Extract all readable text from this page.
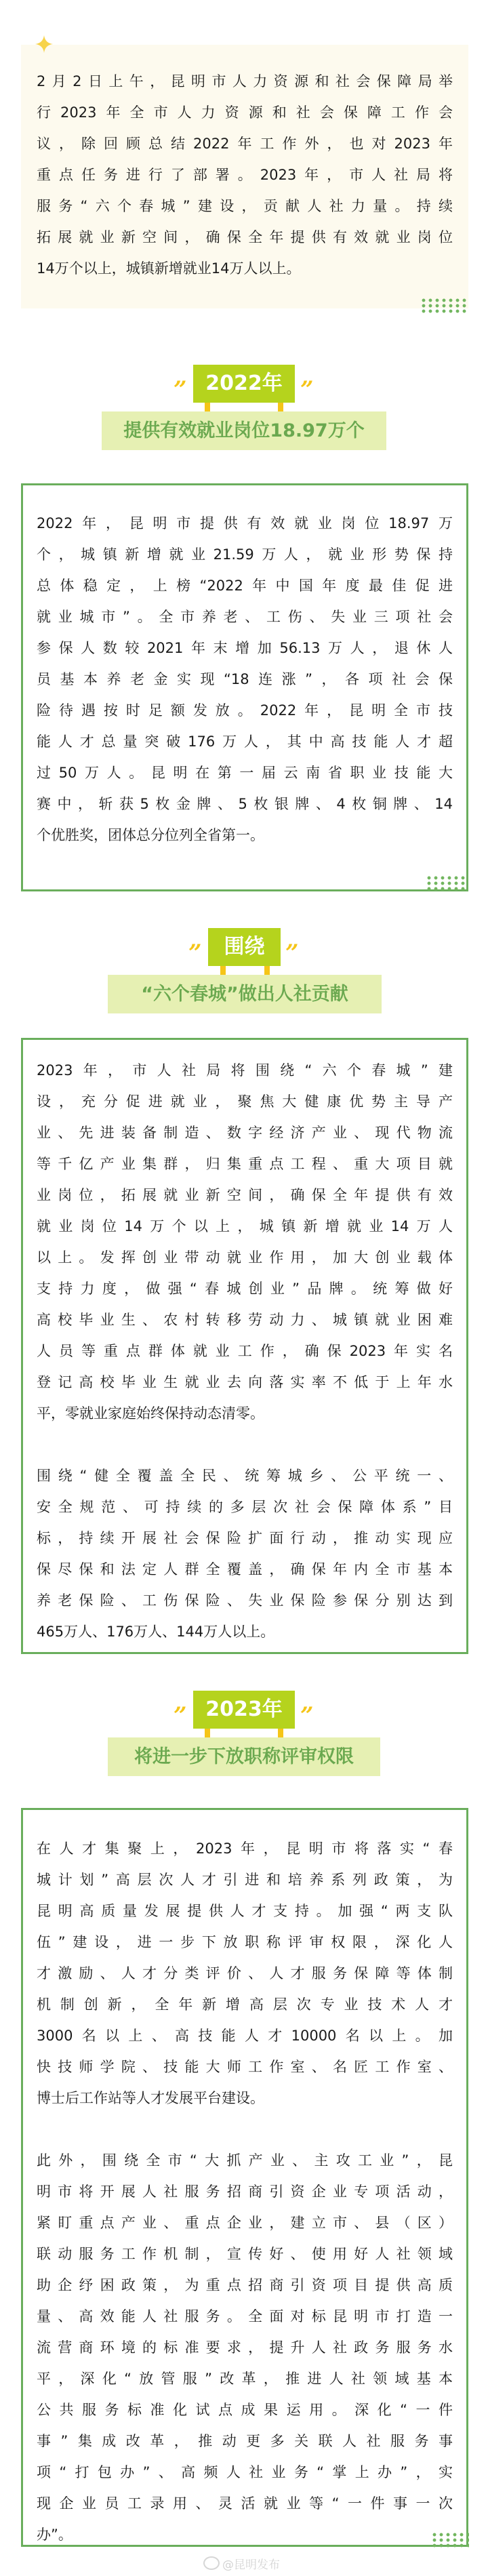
2月2日上午，昆明市人力资源和社会保障局举
行2023年全市人力资源和社会保障工作会
议，除回顾总结2022年工作外，也对2023年
重点任务进行了部署。2023年，市人社局将
服务“六个春城”建设，贡献人社力量。持续
拓展就业新空间，确保全年提供有效就业岗位
14万个以上，城镇新增就业14万人以上。
” 2022年 ”
提供有效就业岗位18.97万个
2022年，昆明市提供有效就业岗位18.97万
个，城镇新增就业21.59万人，就业形势保持
总体稳定，上榜“2022年中国年度最佳促进
就业城市”。全市养老、工伤、失业三项社会
参保人数较2021年末增加56.13万人，退休人
员基本养老金实现“18连涨”，各项社会保
险待遇按时足额发放。2022年，昆明全市技
能人才总量突破176万人，其中高技能人才超
过50万人。昆明在第一届云南省职业技能大
赛中，斩获5枚金牌、5枚银牌、4枚铜牌、14
个优胜奖，团体总分位列全省第一。
”	围绕 ”
“六个春城”做出人社贡献
2023年，市人社局将围绕“六个春城”建
设，充分促进就业，聚焦大健康优势主导产
业、先进装备制造、数字经济产业、现代物流
等千亿产业集群，归集重点工程、重大项目就
业岗位，拓展就业新空间，确保全年提供有效
就业岗位14万个以上，城镇新增就业14万人
以上。发挥创业带动就业作用，加大创业载体
支持力度，做强“春城创业”品牌。统筹做好
高校毕业生、农村转移劳动力、城镇就业困难
人员等重点群体就业工作，确保2023年实名
登记高校毕业生就业去向落实率不低于上年水
平，零就业家庭始终保持动态清零。
围绕“健全覆盖全民、统筹城乡、公平统一、
安全规范、可持续的多层次社会保障体系”目
标，持续开展社会保险扩面行动，推动实现应
保尽保和法定人群全覆盖，确保年内全市基本
养老保险、工伤保险、失业保险参保分别达到
465万人、176万人、144万人以上。
” 2023年 ”
将进一步下放职称评审权限
在人才集聚上，2023年，昆明市将落实“春
城计划”高层次人才引进和培养系列政策，为
昆明高质量发展提供人才支持。加强“两支队
伍”建设，进一步下放职称评审权限，深化人
才激励、人才分类评价、人才服务保障等体制
机制创新，全年新增高层次专业技术人才
3000名以上、高技能人才10000名以上。加
快技师学院、技能大师工作室、名匠工作室、
博士后工作站等人才发展平台建设。
此外，围绕全市“大抓产业、主攻工业”，昆
明市将开展人社服务招商引资企业专项活动，
紧盯重点产业、重点企业，建立市、县（区）
联动服务工作机制，宣传好、使用好人社领域
助企纾困政策，为重点招商引资项目提供高质
量、高效能人社服务。全面对标昆明市打造一
流营商环境的标准要求，提升人社政务服务水
平，深化“放管服”改革，推进人社领域基本
公共服务标准化试点成果运用。深化“一件
事”集成改革，推动更多关联人社服务事
项“打包办”、高频人社业务“掌上办”，实
现企业员工录用、灵活就业等“一件事一次
办”。
@昆明发布
